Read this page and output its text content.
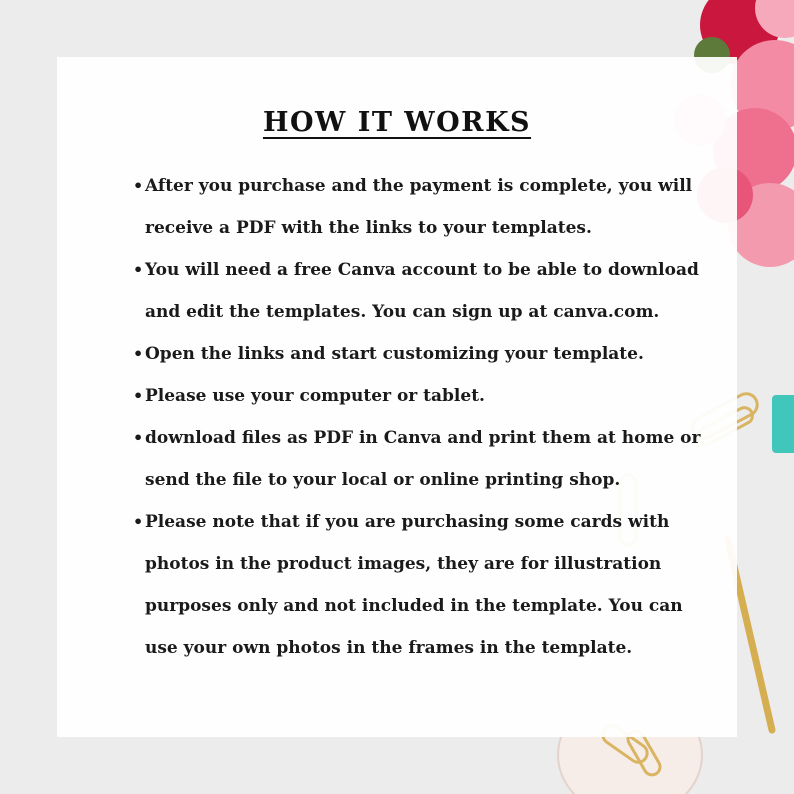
HOW IT WORKS
• After you purchase and the payment is complete, you will receive a PDF with the links to your templates.
• You will need a free Canva account to be able to download and edit the templates. You can sign up at canva.com.
• Open the links and start customizing your template.
• Please use your computer or tablet.
• download files as PDF in Canva and print them at home or send the file to your local or online printing shop.
• Please note that if you are purchasing some cards with photos in the product images, they are for illustration purposes only and not included in the template. You can use your own photos in the frames in the template.
